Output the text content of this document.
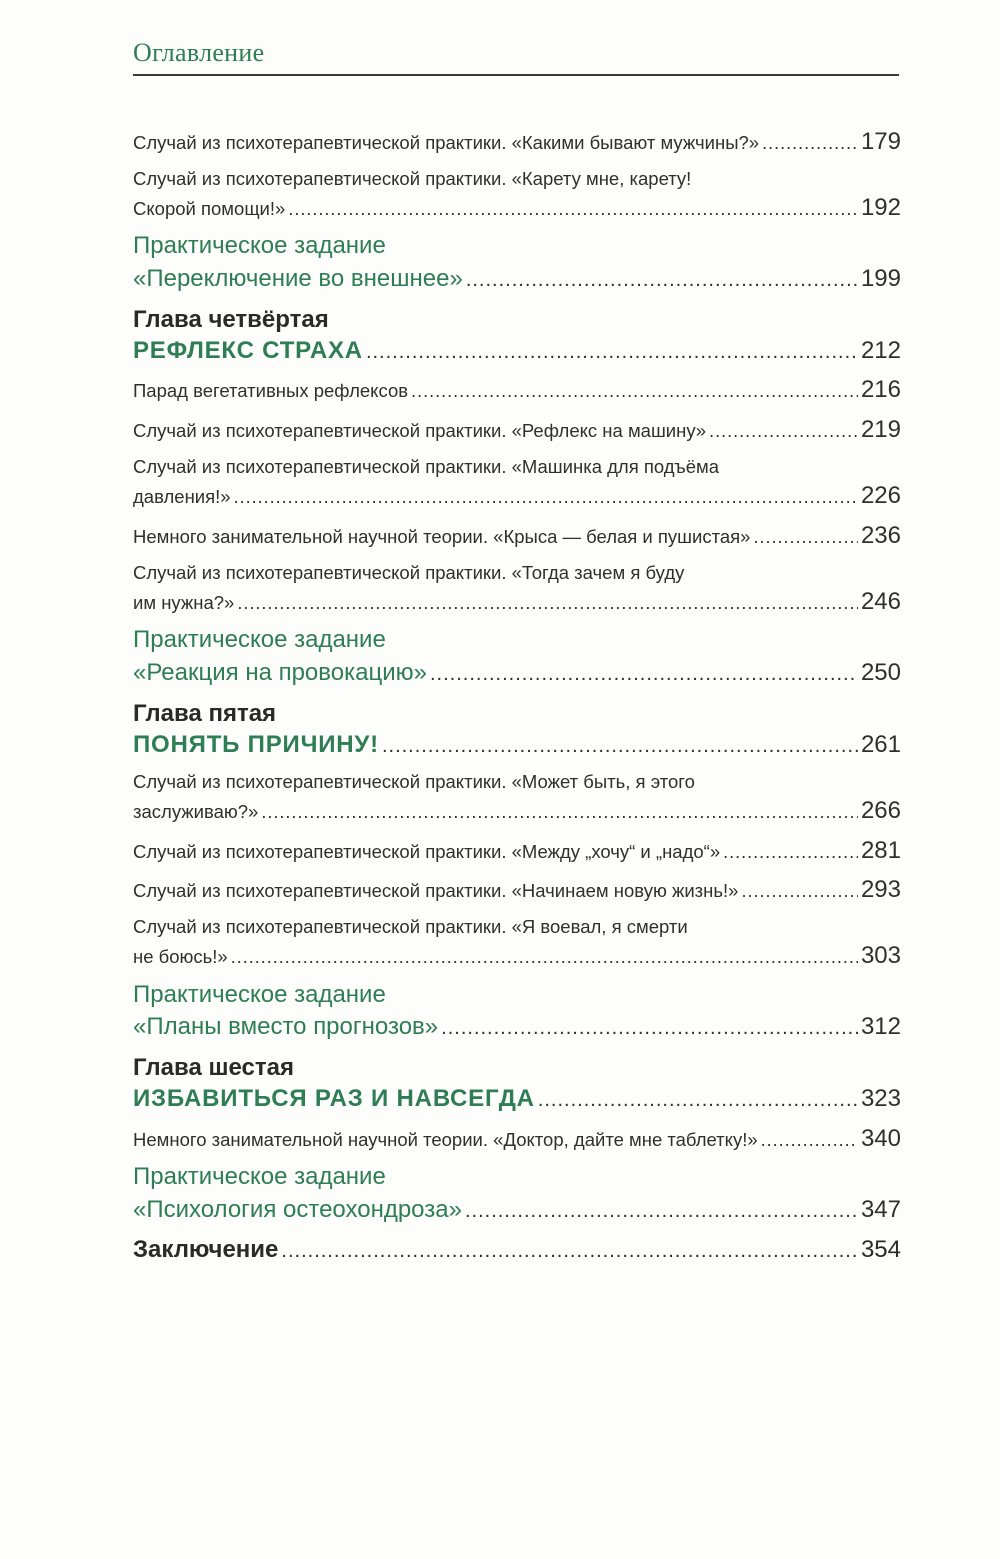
Оглавление
Случай из психотерапевтической практики. «Какими бывают мужчины?» .....	179
Случай из психотерапевтической практики. «Карету мне, карету!
Скорой помощи!» .....	192
Практическое задание
«Переключение во внешнее» .....	199
Глава четвёртая
РЕФЛЕКС СТРАХА .....	212
Парад вегетативных рефлексов .....	216
Случай из психотерапевтической практики. «Рефлекс на машину» .....	219
Случай из психотерапевтической практики. «Машинка для подъёма
давления!» .....	226
Немного занимательной научной теории. «Крыса — белая и пушистая» .....	236
Случай из психотерапевтической практики. «Тогда зачем я буду
им нужна?» .....	246
Практическое задание
«Реакция на провокацию» .....	250
Глава пятая
ПОНЯТЬ ПРИЧИНУ! .....	261
Случай из психотерапевтической практики. «Может быть, я этого
заслуживаю?» .....	266
Случай из психотерапевтической практики. «Между „хочу“ и „надо“» .....	281
Случай из психотерапевтической практики. «Начинаем новую жизнь!» .....	293
Случай из психотерапевтической практики. «Я воевал, я смерти
не боюсь!» .....	303
Практическое задание
«Планы вместо прогнозов» .....	312
Глава шестая
ИЗБАВИТЬСЯ РАЗ И НАВСЕГДА .....	323
Немного занимательной научной теории. «Доктор, дайте мне таблетку!» .....	340
Практическое задание
«Психология остеохондроза» .....	347
Заключение .....	354
